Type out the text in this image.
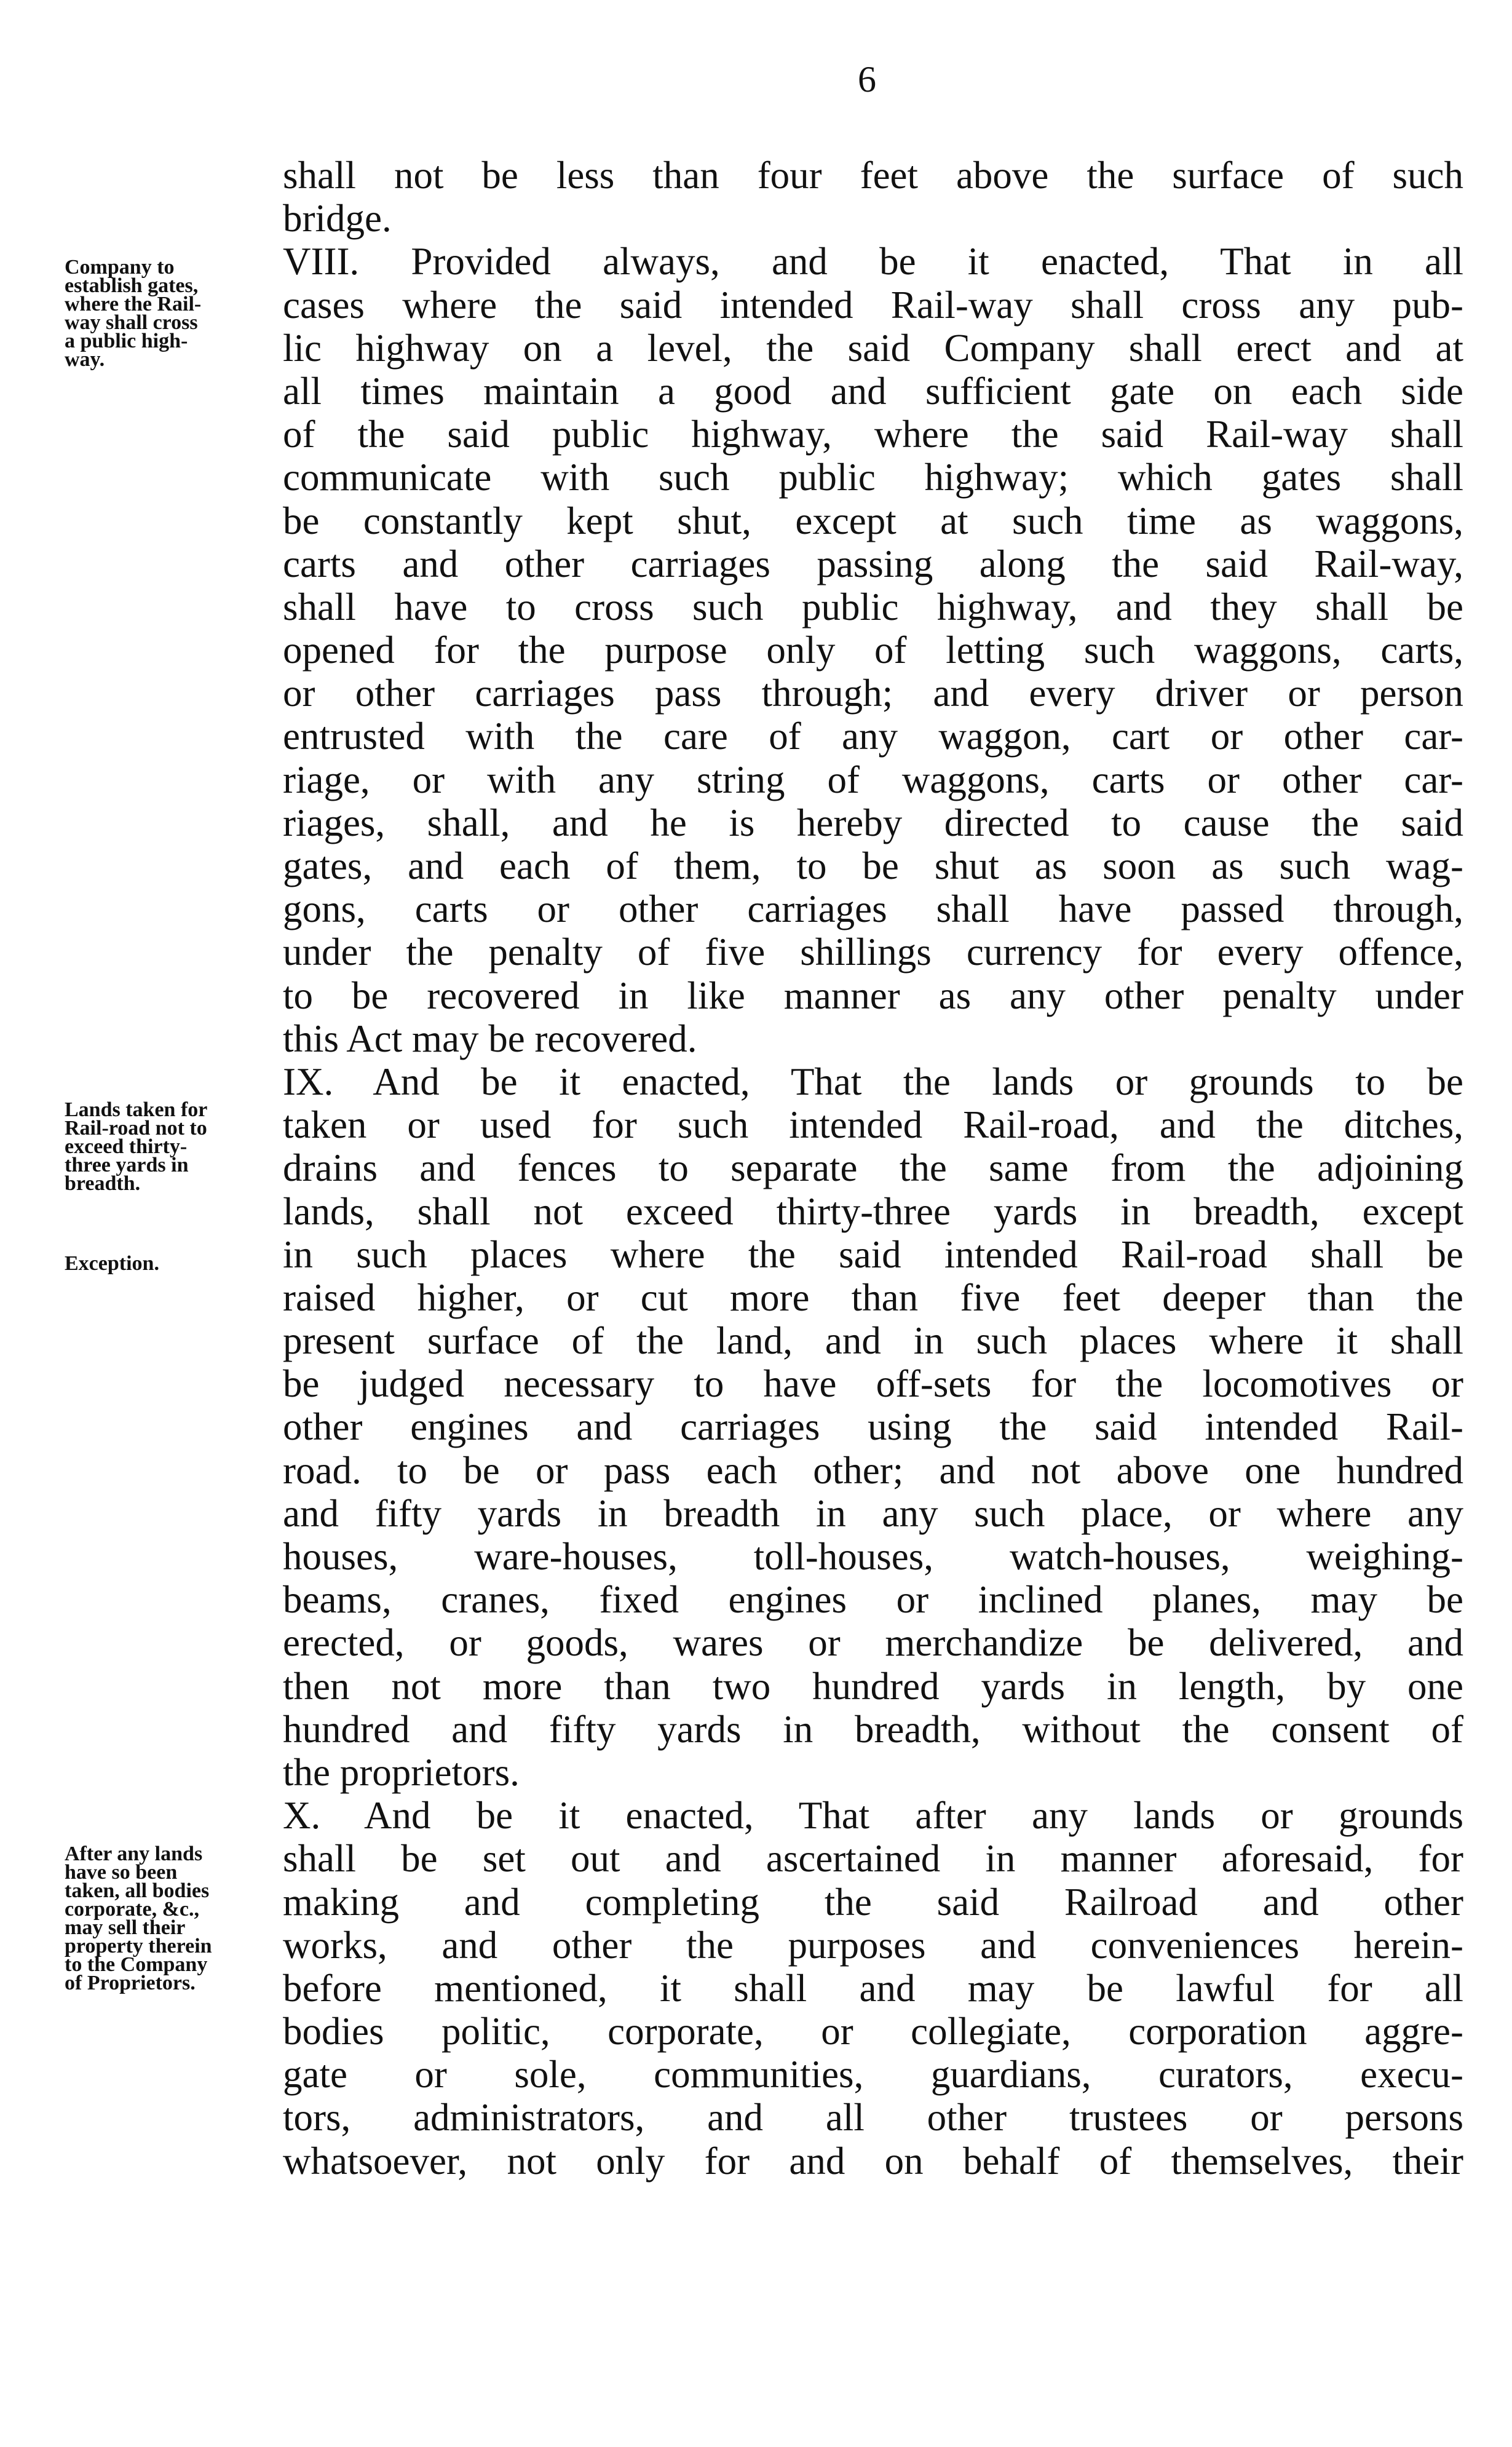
6
Company to
establish gates,
where the Rail-
way shall cross
a public high-
way.
Lands taken for
Rail-road not to
exceed thirty-
three yards in
breadth.
Exception.
After any lands
have so been
taken, all bodies
corporate, &c.,
may sell their
property therein
to the Company
of Proprietors.
shall not be less than four feet above the surface of such
bridge.
VIII. Provided always, and be it enacted, That in all
cases where the said intended Rail-way shall cross any pub-
lic highway on a level, the said Company shall erect and at
all times maintain a good and sufficient gate on each side
of the said public highway, where the said Rail-way shall
communicate with such public highway; which gates shall
be constantly kept shut, except at such time as waggons,
carts and other carriages passing along the said Rail-way,
shall have to cross such public highway, and they shall be
opened for the purpose only of letting such waggons, carts,
or other carriages pass through; and every driver or person
entrusted with the care of any waggon, cart or other car-
riage, or with any string of waggons, carts or other car-
riages, shall, and he is hereby directed to cause the said
gates, and each of them, to be shut as soon as such wag-
gons, carts or other carriages shall have passed through,
under the penalty of five shillings currency for every offence,
to be recovered in like manner as any other penalty under
this Act may be recovered.
IX. And be it enacted, That the lands or grounds to be
taken or used for such intended Rail-road, and the ditches,
drains and fences to separate the same from the adjoining
lands, shall not exceed thirty-three yards in breadth, except
in such places where the said intended Rail-road shall be
raised higher, or cut more than five feet deeper than the
present surface of the land, and in such places where it shall
be judged necessary to have off-sets for the locomotives or
other engines and carriages using the said intended Rail-
road. to be or pass each other; and not above one hundred
and fifty yards in breadth in any such place, or where any
houses, ware-houses, toll-houses, watch-houses, weighing-
beams, cranes, fixed engines or inclined planes, may be
erected, or goods, wares or merchandize be delivered, and
then not more than two hundred yards in length, by one
hundred and fifty yards in breadth, without the consent of
the proprietors.
X. And be it enacted, That after any lands or grounds
shall be set out and ascertained in manner aforesaid, for
making and completing the said Railroad and other
works, and other the purposes and conveniences herein-
before mentioned, it shall and may be lawful for all
bodies politic, corporate, or collegiate, corporation aggre-
gate or sole, communities, guardians, curators, execu-
tors, administrators, and all other trustees or persons
whatsoever, not only for and on behalf of themselves, their
